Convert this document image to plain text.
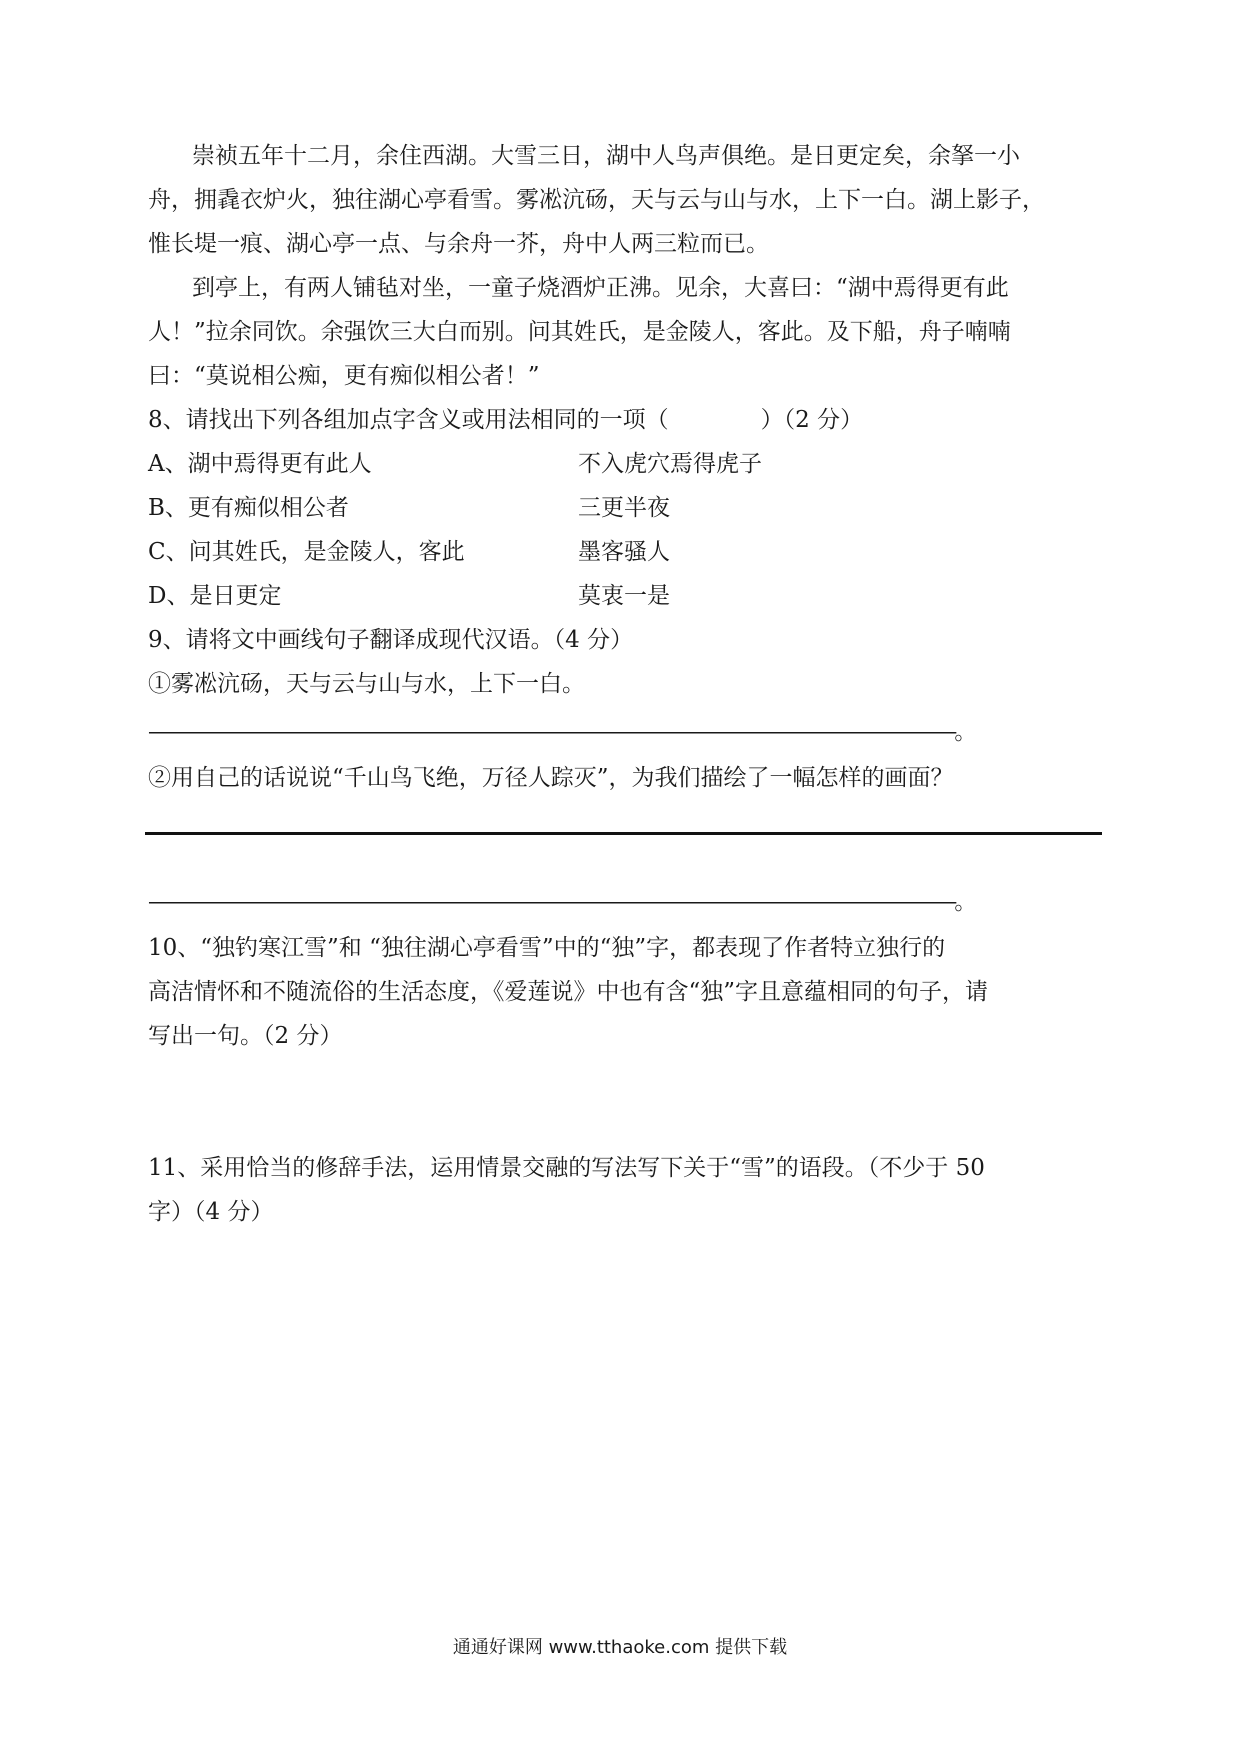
崇祯五年十二月，余住西湖。大雪三日，湖中人鸟声俱绝。是日更定矣，余拏一小
舟，拥毳衣炉火，独往湖心亭看雪。雾凇沆砀，天与云与山与水，上下一白。湖上影子，
惟长堤一痕、湖心亭一点、与余舟一芥，舟中人两三粒而已。
到亭上，有两人铺毡对坐，一童子烧酒炉正沸。见余，大喜曰：“湖中焉得更有此
人！”拉余同饮。余强饮三大白而别。问其姓氏，是金陵人，客此。及下船，舟子喃喃
曰：“莫说相公痴，更有痴似相公者！”
8、请找出下列各组加点字含义或用法相同的一项（　　　　）（2 分）
A、湖中焉得更有此人	不入虎穴焉得虎子
B、更有痴似相公者	三更半夜
C、问其姓氏，是金陵人，客此	墨客骚人
D、是日更定	莫衷一是
9、请将文中画线句子翻译成现代汉语。（4 分）
①雾凇沆砀，天与云与山与水，上下一白。
——————————————————————————————————————————。
②用自己的话说说“千山鸟飞绝，万径人踪灭”，为我们描绘了一幅怎样的画面？
——————————————————————————————————————————。
10、“独钓寒江雪”和 “独往湖心亭看雪”中的“独”字，都表现了作者特立独行的
高洁情怀和不随流俗的生活态度，《爱莲说》中也有含“独”字且意蕴相同的句子，请
写出一句。（2 分）
11、采用恰当的修辞手法，运用情景交融的写法写下关于“雪”的语段。（不少于 50
字）（4 分）
通通好课网 www.tthaoke.com 提供下载
